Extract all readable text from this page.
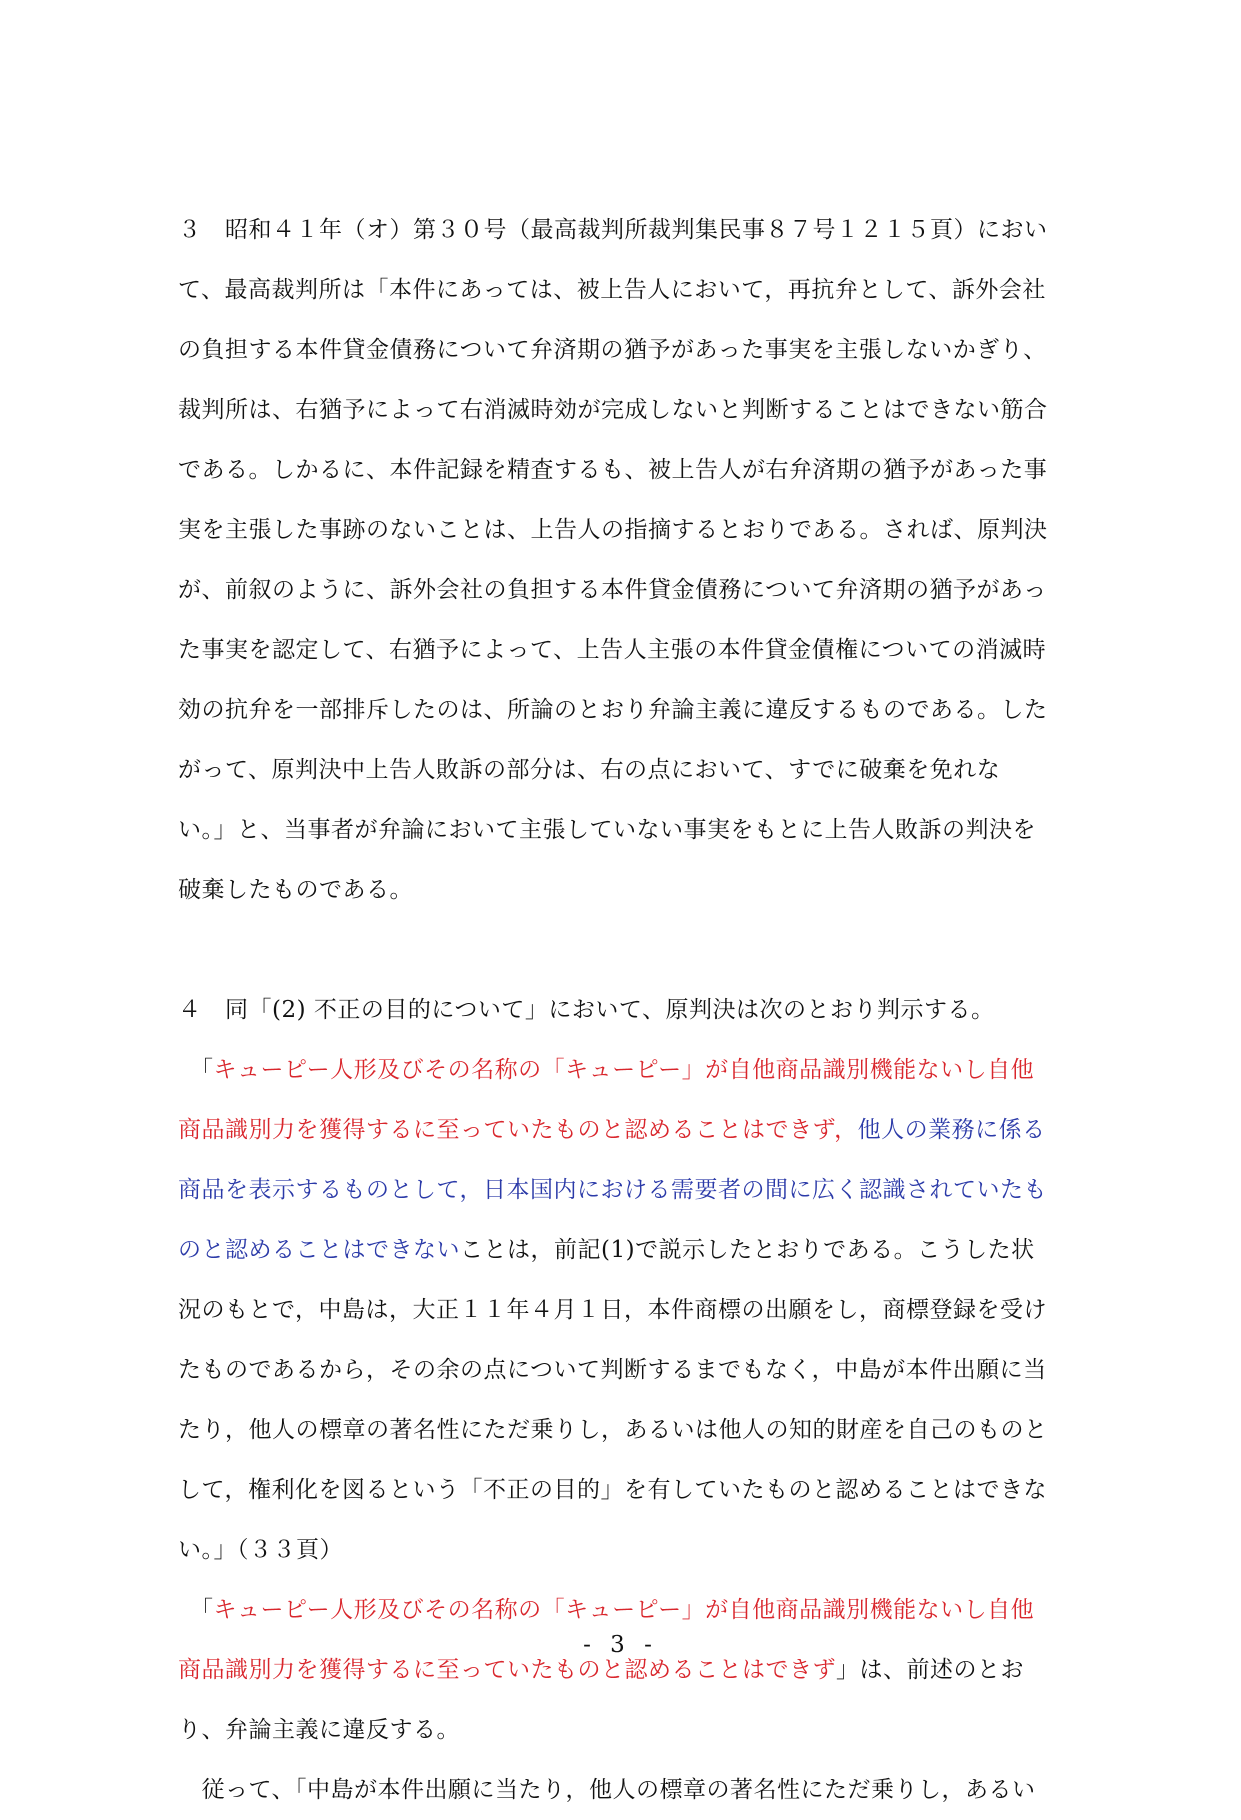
３　昭和４１年（オ）第３０号（最高裁判所裁判集民事８７号１２１５頁）におい
て、最高裁判所は「本件にあっては、被上告人において，再抗弁として、訴外会社
の負担する本件貸金債務について弁済期の猶予があった事実を主張しないかぎり、
裁判所は、右猶予によって右消滅時効が完成しないと判断することはできない筋合
である。しかるに、本件記録を精査するも、被上告人が右弁済期の猶予があった事
実を主張した事跡のないことは、上告人の指摘するとおりである。されば、原判決
が、前叙のように、訴外会社の負担する本件貸金債務について弁済期の猶予があっ
た事実を認定して、右猶予によって、上告人主張の本件貸金債権についての消滅時
効の抗弁を一部排斥したのは、所論のとおり弁論主義に違反するものである。した
がって、原判決中上告人敗訴の部分は、右の点において、すでに破棄を免れな
い。」と、当事者が弁論において主張していない事実をもとに上告人敗訴の判決を
破棄したものである。
４　同「(2) 不正の目的について」において、原判決は次のとおり判示する。
　「キューピー人形及びその名称の「キューピー」が自他商品識別機能ないし自他
商品識別力を獲得するに至っていたものと認めることはできず，他人の業務に係る
商品を表示するものとして，日本国内における需要者の間に広く認識されていたも
のと認めることはできないことは，前記(1)で説示したとおりである。こうした状
況のもとで，中島は，大正１１年４月１日，本件商標の出願をし，商標登録を受け
たものであるから，その余の点について判断するまでもなく，中島が本件出願に当
たり，他人の標章の著名性にただ乗りし，あるいは他人の知的財産を自己のものと
して，権利化を図るという「不正の目的」を有していたものと認めることはできな
い。」（３３頁）
　「キューピー人形及びその名称の「キューピー」が自他商品識別機能ないし自他
商品識別力を獲得するに至っていたものと認めることはできず」は、前述のとお
り、弁論主義に違反する。
　従って、「中島が本件出願に当たり，他人の標章の著名性にただ乗りし，あるい
- 3 -
